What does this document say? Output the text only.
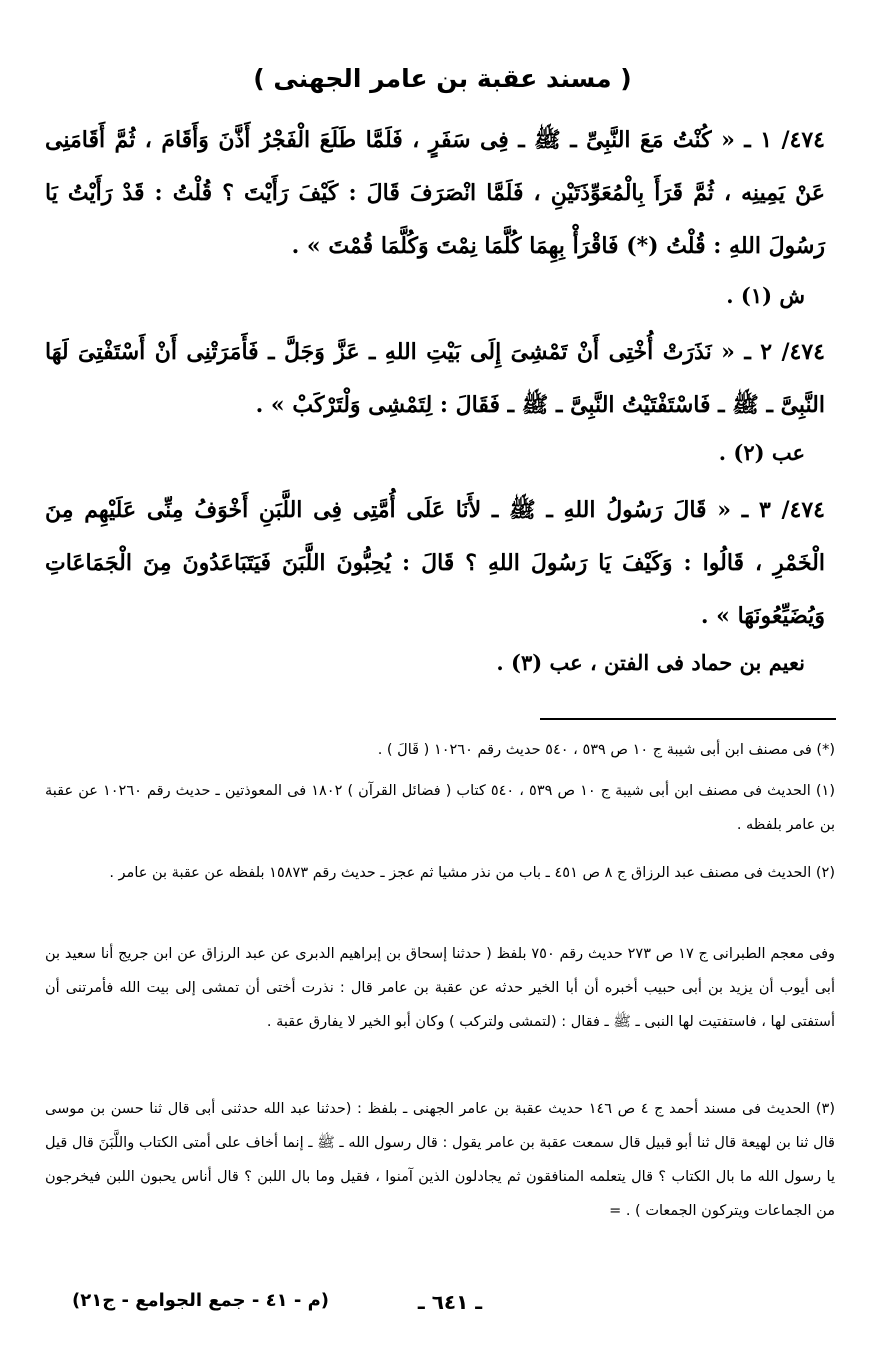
( مسند عقبة بن عامر الجهنى )
٤٧٤/ ١ ـ « كُنْتُ مَعَ النَّبِىِّ ـ ﷺ ـ فِى سَفَرٍ ، فَلَمَّا طَلَعَ الْفَجْرُ أَذَّنَ وَأَقَامَ ، ثُمَّ أَقَامَنِى عَنْ يَمِينِه ، ثُمَّ قَرَأَ بِالْمُعَوِّذَتَيْنِ ، فَلَمَّا انْصَرَفَ قَالَ : كَيْفَ رَأَيْتَ ؟ قُلْتُ : قَدْ رَأَيْتُ يَا رَسُولَ اللهِ : قُلْتُ (*) فَاقْرَأْ بِهِمَا كُلَّمَا نِمْتَ وَكُلَّمَا قُمْتَ » .
ش (١) .
٤٧٤/ ٢ ـ « نَذَرَتْ أُخْتِى أَنْ تَمْشِىَ إِلَى بَيْتِ اللهِ ـ عَزَّ وَجَلَّ ـ فَأَمَرَتْنِى أَنْ أَسْتَفْتِىَ لَهَا النَّبِىَّ ـ ﷺ ـ فَاسْتَفْتَيْتُ النَّبِىَّ ـ ﷺ ـ فَقَالَ : لِتَمْشِى وَلْتَرْكَبْ » .
عب (٢) .
٤٧٤/ ٣ ـ « قَالَ رَسُولُ اللهِ ـ ﷺ ـ لأَنَا عَلَى أُمَّتِى فِى اللَّبَنِ أَخْوَفُ مِنِّى عَلَيْهِم مِنَ الْخَمْرِ ، قَالُوا : وَكَيْفَ يَا رَسُولَ اللهِ ؟ قَالَ : يُحِبُّونَ اللَّبَنَ فَيَتَبَاعَدُونَ مِنَ الْجَمَاعَاتِ وَيُضَيِّعُونَهَا » .
نعيم بن حماد فى الفتن ، عب (٣) .
(*) فى مصنف ابن أبى شيبة ج ١٠ ص ٥٣٩ ، ٥٤٠ حديث رقم ١٠٢٦٠ ( قَالَ ) .
(١) الحديث فى مصنف ابن أبى شيبة ج ١٠ ص ٥٣٩ ، ٥٤٠ كتاب ( فضائل القرآن ) ١٨٠٢ فى المعوذتين ـ حديث رقم ١٠٢٦٠ عن عقبة بن عامر بلفظه .
(٢) الحديث فى مصنف عبد الرزاق ج ٨ ص ٤٥١ ـ باب من نذر مشيا ثم عجز ـ حديث رقم ١٥٨٧٣ بلفظه عن عقبة بن عامر .
وفى معجم الطبرانى ج ١٧ ص ٢٧٣ حديث رقم ٧٥٠ بلفظ ( حدثنا إسحاق بن إبراهيم الدبرى عن عبد الرزاق عن ابن جريج أنا سعيد بن أبى أيوب أن يزيد بن أبى حبيب أخبره أن أبا الخير حدثه عن عقبة بن عامر قال : نذرت أختى أن تمشى إلى بيت الله فأمرتنى أن أستفتى لها ، فاستفتيت لها النبى ـ ﷺ ـ فقال : (لتمشى ولتركب ) وكان أبو الخير لا يفارق عقبة .
(٣) الحديث فى مسند أحمد ج ٤ ص ١٤٦ حديث عقبة بن عامر الجهنى ـ بلفظ : (حدثنا عبد الله حدثنى أبى قال ثنا حسن بن موسى قال ثنا بن لهيعة قال ثنا أبو قبيل قال سمعت عقبة بن عامر يقول : قال رسول الله ـ ﷺ ـ إنما أخاف على أمتى الكتاب واللَّبَنَ قال قيل يا رسول الله ما بال الكتاب ؟ قال يتعلمه المنافقون ثم يجادلون الذين آمنوا ، فقيل وما بال اللبن ؟ قال أناس يحبون اللبن فيخرجون من الجماعات ويتركون الجمعات ) . =
ـ ٦٤١ ـ
(م - ٤١ - جمع الجوامع - ج٢١)
